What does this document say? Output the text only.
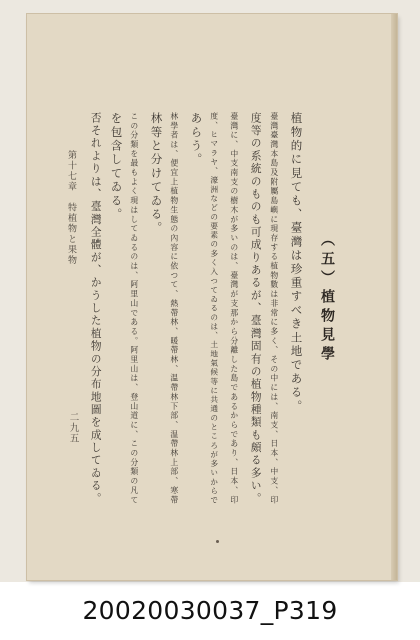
（五）植物見學
植物的に見ても、臺灣は珍重すべき土地である。
臺灣臺灣本島及附屬島嶼に現存する植物數は非常に多く、その中には、南支、日本、中支、印
度等の系統のものも可成りあるが、臺灣固有の植物種類も頗る多い。
臺灣に、中支南支の樹木が多いのは、臺灣が支那から分離した島であるからであり、日本、印
度、ヒマラヤ、濠洲などの要素の多く入つてゐるのは、土地氣候等に共通のところが多いからで
あらう。
林學者は、便宜上植物生態の內容に依つて、熱帶林、暖帶林、温帶林下部、温帶林上部、寒帶
林等と分けてゐる。
この分類を最もよく現はしてゐるのは、阿里山である。阿里山は、登山道に、この分類の凡て
を包含してゐる。
否それよりは、臺灣全體が、かうした植物の分布地圖を成してゐる。
第十七章　特植物と果物
二九五
20020030037_P319
